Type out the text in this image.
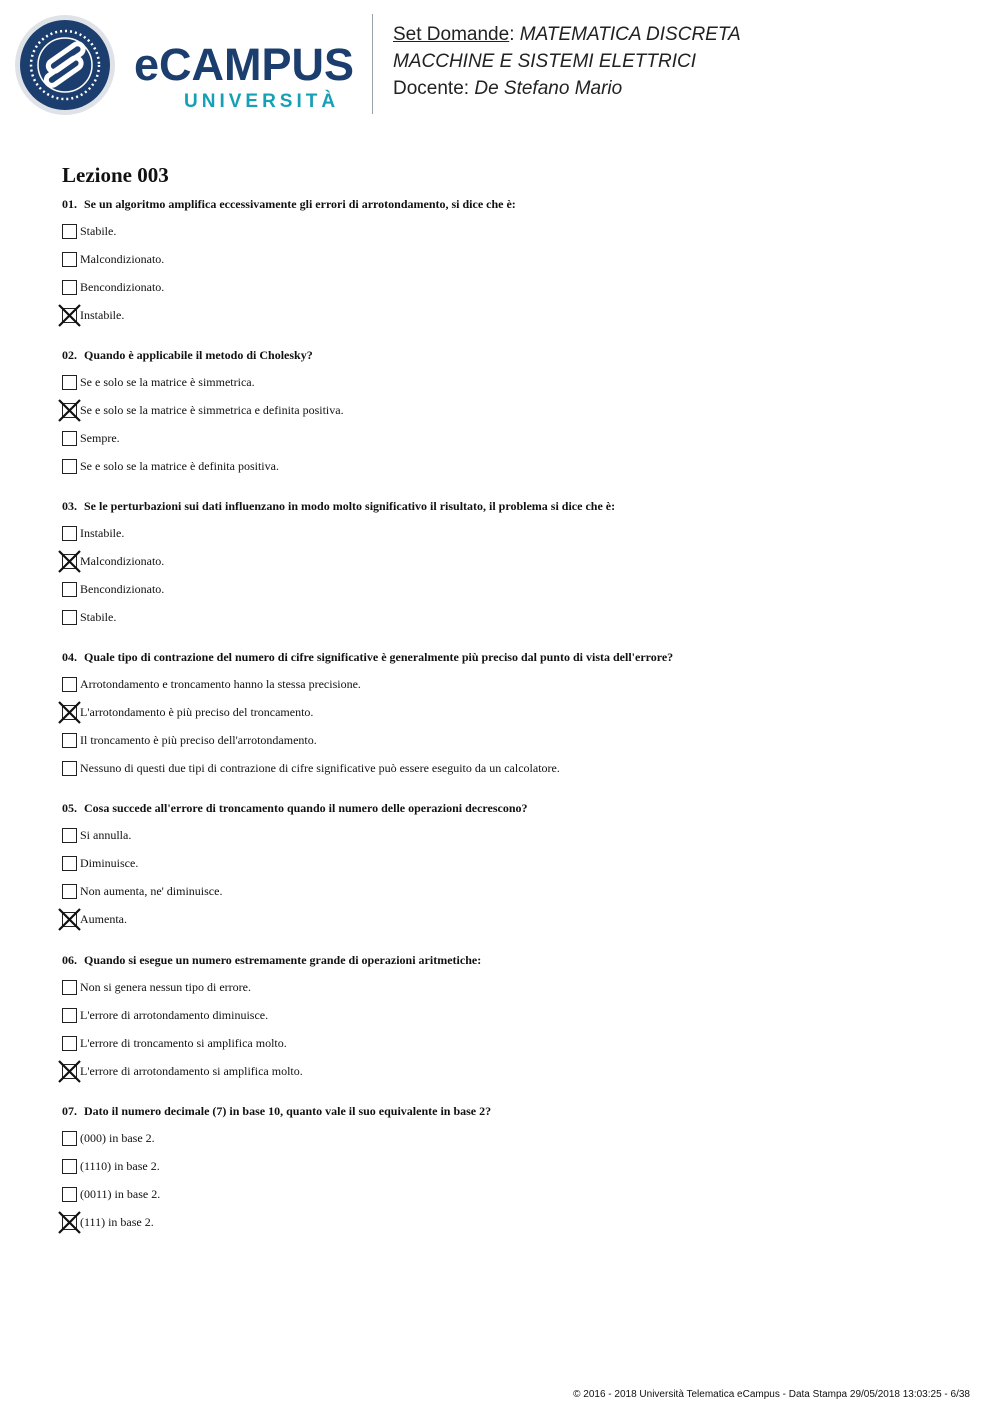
eCAMPUS
UNIVERSITÀ
Set Domande: MATEMATICA DISCRETA
MACCHINE E SISTEMI ELETTRICI
Docente: De Stefano Mario
Lezione 003
01. Se un algoritmo amplifica eccessivamente gli errori di arrotondamento, si dice che è:
Stabile.
Malcondizionato.
Bencondizionato.
Instabile.
02. Quando è applicabile il metodo di Cholesky?
Se e solo se la matrice è simmetrica.
Se e solo se la matrice è simmetrica e definita positiva.
Sempre.
Se e solo se la matrice è definita positiva.
03. Se le perturbazioni sui dati influenzano in modo molto significativo il risultato, il problema si dice che è:
Instabile.
Malcondizionato.
Bencondizionato.
Stabile.
04. Quale tipo di contrazione del numero di cifre significative è generalmente più preciso dal punto di vista dell'errore?
Arrotondamento e troncamento hanno la stessa precisione.
L'arrotondamento è più preciso del troncamento.
Il troncamento è più preciso dell'arrotondamento.
Nessuno di questi due tipi di contrazione di cifre significative può essere eseguito da un calcolatore.
05. Cosa succede all'errore di troncamento quando il numero delle operazioni decrescono?
Si annulla.
Diminuisce.
Non aumenta, ne' diminuisce.
Aumenta.
06. Quando si esegue un numero estremamente grande di operazioni aritmetiche:
Non si genera nessun tipo di errore.
L'errore di arrotondamento diminuisce.
L'errore di troncamento si amplifica molto.
L'errore di arrotondamento si amplifica molto.
07. Dato il numero decimale (7) in base 10, quanto vale il suo equivalente in base 2?
(000) in base 2.
(1110) in base 2.
(0011) in base 2.
(111) in base 2.
© 2016 - 2018 Università Telematica eCampus - Data Stampa 29/05/2018 13:03:25 - 6/38
